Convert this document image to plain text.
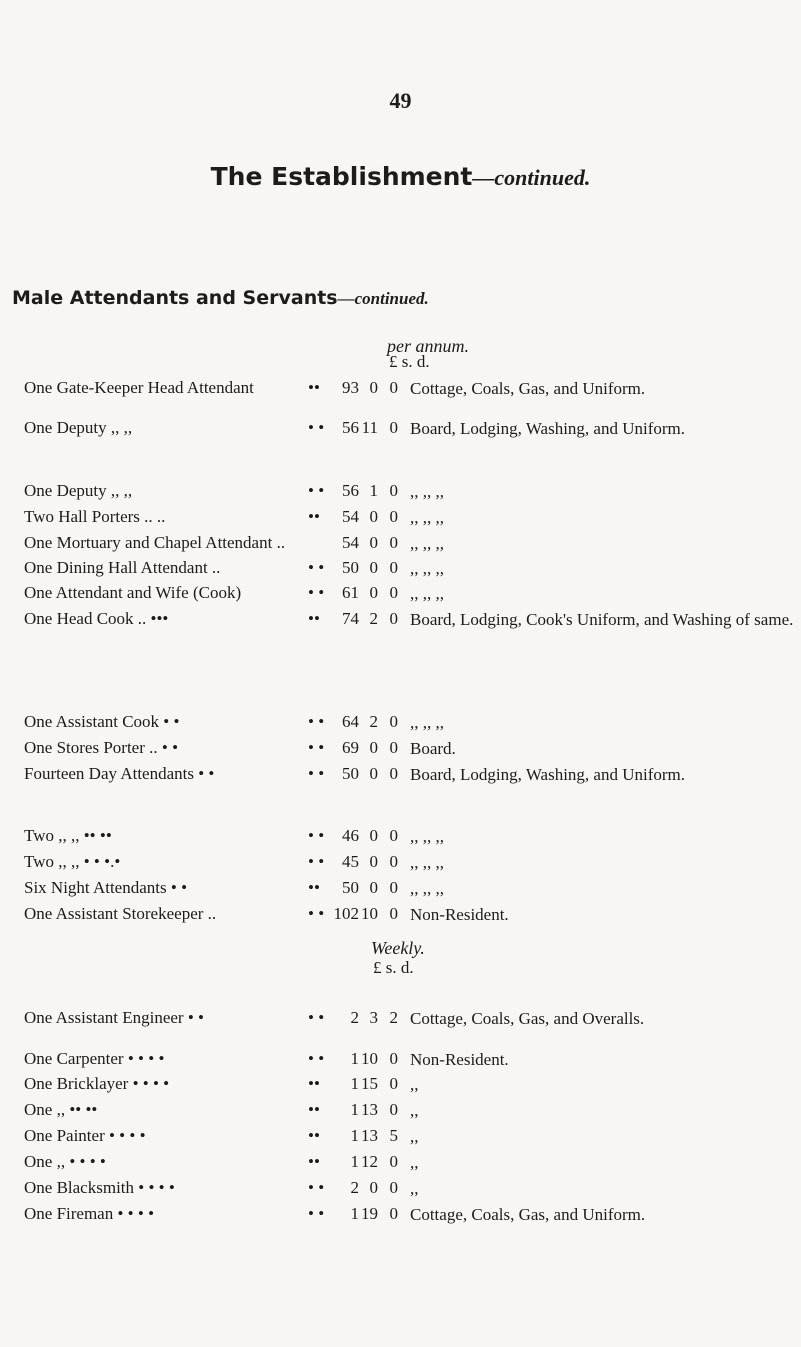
49
The Establishment—continued.
Male Attendants and Servants—continued.
per annum.
£ s. d.
One Gate-Keeper Head Attendant	93 0 0 Cottage, Coals, Gas, and Uniform.
••
One Deputy ,, ,,	56 11 0 Board, Lodging, Washing, and Uniform.
• •
One Deputy ,, ,,	56 1 0 ,, ,, ,,
• •
Two Hall Porters .. ..	54 0 0 ,, ,, ,,
••
One Mortuary and Chapel Attendant ..	54 0 0 ,, ,, ,,
One Dining Hall Attendant ..	50 0 0 ,, ,, ,,
• •
One Attendant and Wife (Cook)	61 0 0 ,, ,, ,,
• •
One Head Cook .. •••	74 2 0 Board, Lodging, Cook's Uniform, and Washing of same.
••
One Assistant Cook • •	64 2 0 ,, ,, ,,
• •
One Stores Porter .. • •	69 0 0 Board.
• •
Fourteen Day Attendants • •	50 0 0 Board, Lodging, Washing, and Uniform.
• •
Two ,, ,, •• ••	46 0 0 ,, ,, ,,
• •
Two ,, ,, • • •.•	45 0 0 ,, ,, ,,
• •
Six Night Attendants • •	50 0 0 ,, ,, ,,
••
One Assistant Storekeeper ..	102 10 0 Non-Resident.
• •
Weekly.
£ s. d.
One Assistant Engineer • •	2 3 2 Cottage, Coals, Gas, and Overalls.
• •
One Carpenter • • • •	1 10 0 Non-Resident.
• •
One Bricklayer • • • •	1 15 0 ,,
••
One ,, •• ••	1 13 0 ,,
••
One Painter • • • •	1 13 5 ,,
••
One ,, • • • •	1 12 0 ,,
••
One Blacksmith • • • •	2 0 0 ,,
• •
One Fireman • • • •	1 19 0 Cottage, Coals, Gas, and Uniform.
• •
